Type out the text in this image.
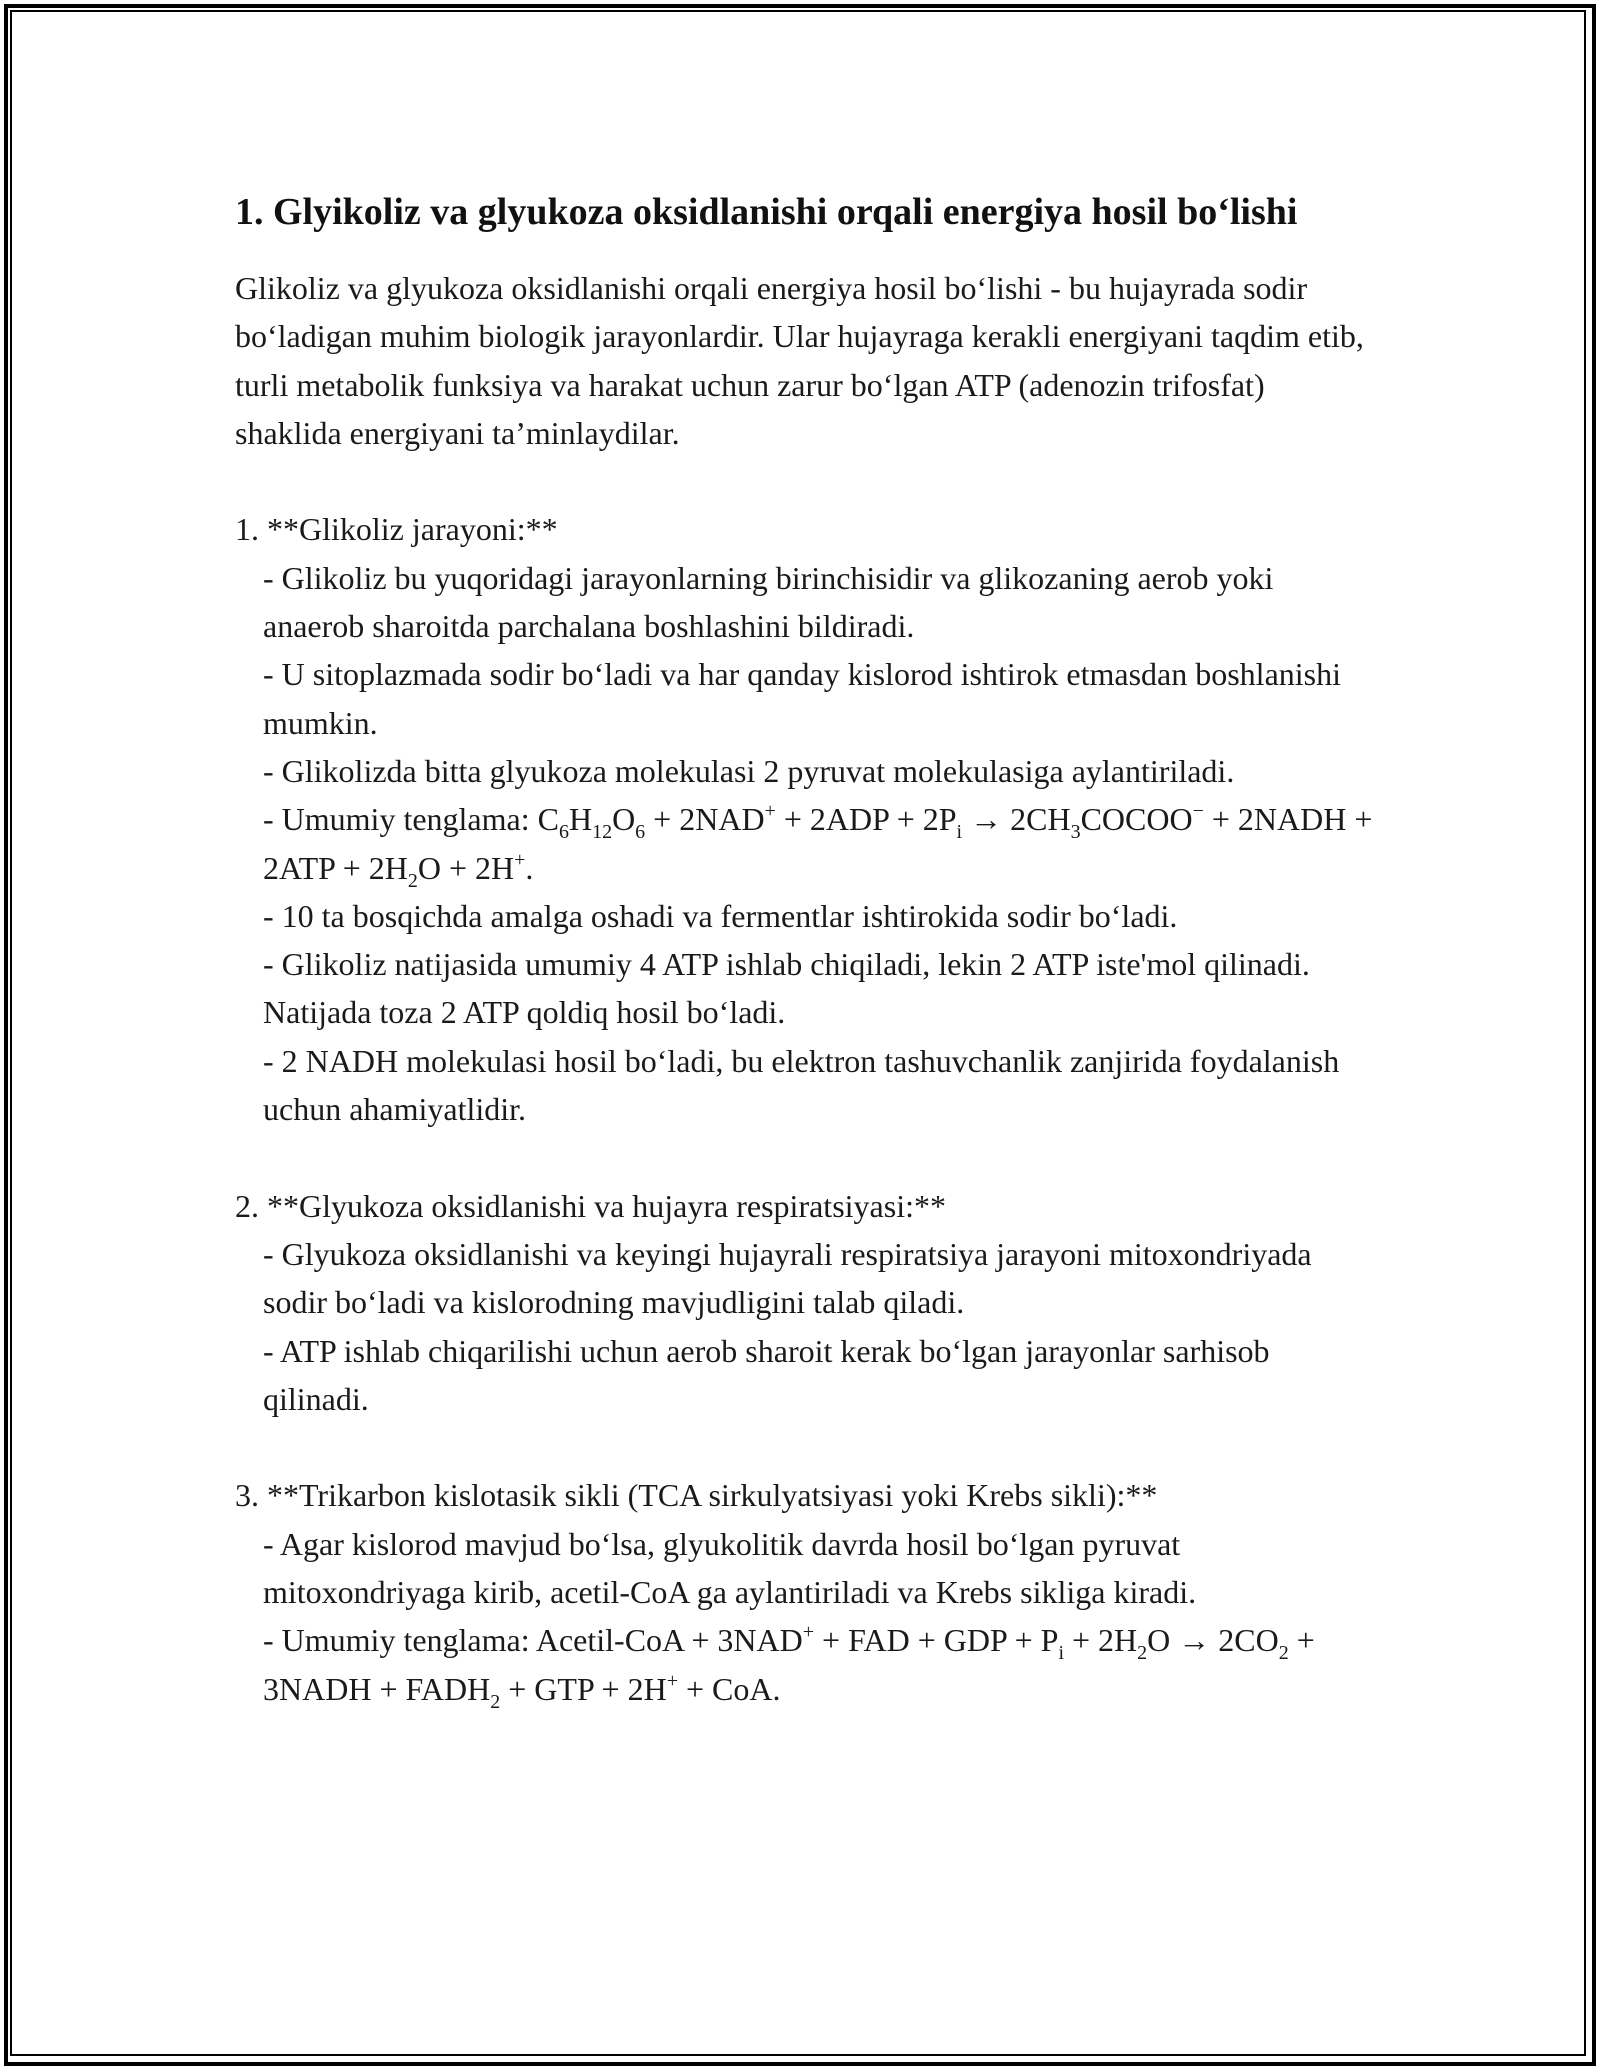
1. Glyikoliz va glyukoza oksidlanishi orqali energiya hosil bo‘lishi

Glikoliz va glyukoza oksidlanishi orqali energiya hosil bo‘lishi - bu hujayrada sodir bo‘ladigan muhim biologik jarayonlardir. Ular hujayraga kerakli energiyani taqdim etib, turli metabolik funksiya va harakat uchun zarur bo‘lgan ATP (adenozin trifosfat) shaklida energiyani ta’minlaydilar.

1. **Glikoliz jarayoni:**

- Glikoliz bu yuqoridagi jarayonlarning birinchisidir va glikozaning aerob yoki anaerob sharoitda parchalana boshlashini bildiradi.

- U sitoplazmada sodir bo‘ladi va har qanday kislorod ishtirok etmasdan boshlanishi mumkin.

- Glikolizda bitta glyukoza molekulasi 2 pyruvat molekulasiga aylantiriladi.

- Umumiy tenglama: $C_6H_{12}O_6 + 2NAD^+ + 2ADP + 2P_i$ → $2CH_3COCOO^-$ + 2NADH + $2ATP + 2H_2O + 2H^+$.

- 10 ta bosqichda amalga oshadi va fermentlar ishtirokida sodir bo‘ladi.

- Glikoliz natijasida umumiy 4 ATP ishlab chiqiladi, lekin 2 ATP iste'mol qilinadi. Natijada toza 2 ATP qoldiq hosil bo‘ladi.

- 2 NADH molekulasi hosil bo‘ladi, bu elektron tashuvchanlik zanjirida foydalanish uchun ahamiyatlidir.

2. **Glyukoza oksidlanishi va hujayra respiratsiyasi:**

- Glyukoza oksidlanishi va keyingi hujayrali respiratsiya jarayoni mitoxondriyada sodir bo‘ladi va kislorodning mavjudligini talab qiladi.

- ATP ishlab chiqarilishi uchun aerob sharoit kerak bo‘lgan jarayonlar sarhisob qilinadi.

3. **Trikarbon kislotasik sikli (TCA sirkulyatsiyasi yoki Krebs sikli):**

- Agar kislorod mavjud bo‘lsa, glyukolitik davrda hosil bo‘lgan pyruvat mitoxondriyaga kirib, acetil-CoA ga aylantiriladi va Krebs sikliga kiradi.

- Umumiy tenglama: Acetil-CoA + 3NAD+ + FAD + GDP + $P_i + 2H_2O \to 2CO_2$ + 3NADH + $FADH_2$ + GTP + 2H+ + CoA.
